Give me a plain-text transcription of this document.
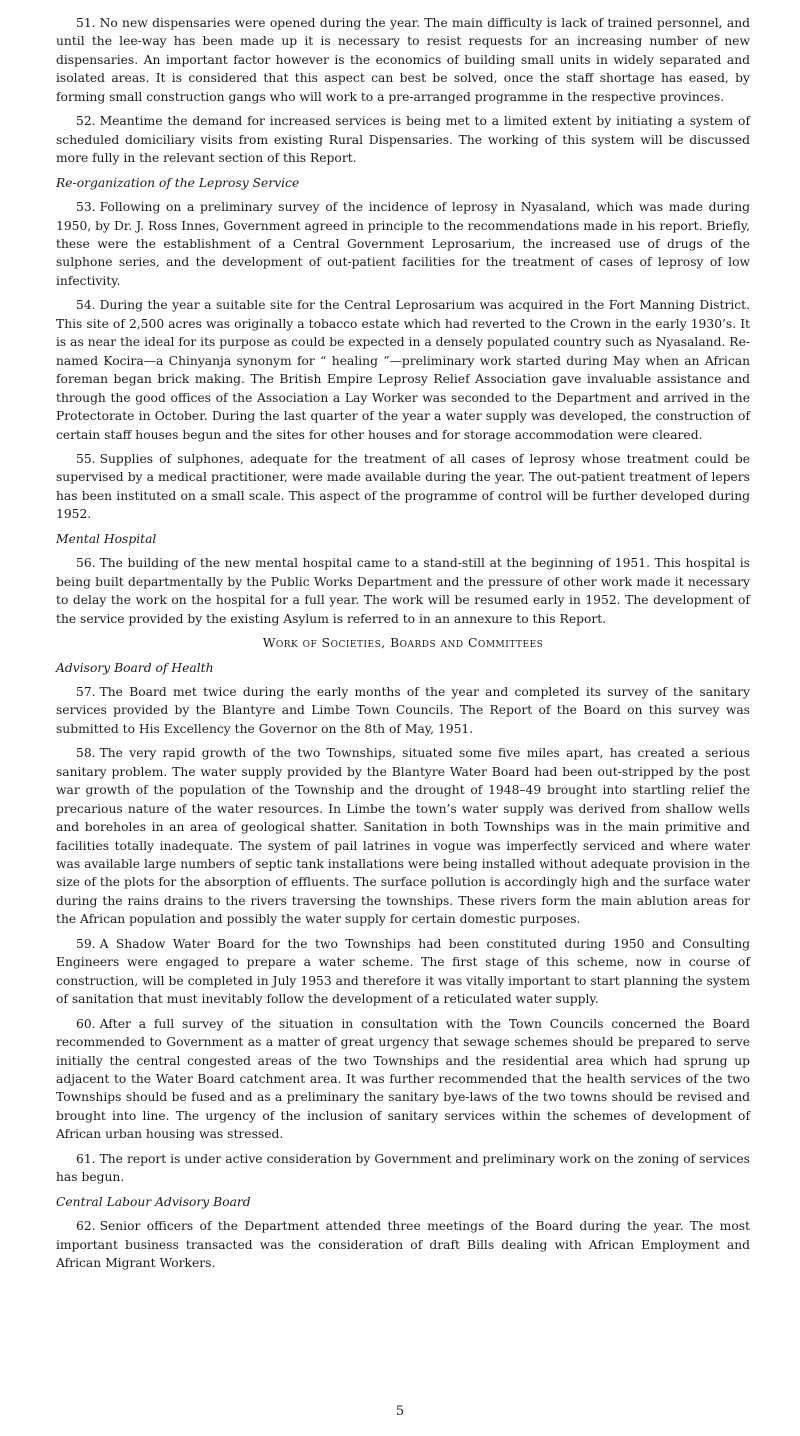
51. No new dispensaries were opened during the year. The main difficulty is lack of trained personnel, and until the lee-way has been made up it is necessary to resist requests for an increasing number of new dispensaries. An important factor however is the economics of building small units in widely separated and isolated areas. It is considered that this aspect can best be solved, once the staff shortage has eased, by forming small construction gangs who will work to a pre-arranged programme in the respective provinces.

52. Meantime the demand for increased services is being met to a limited extent by initiating a system of scheduled domiciliary visits from existing Rural Dispensaries. The working of this system will be discussed more fully in the relevant section of this Report.

Re-organization of the Leprosy Service

53. Following on a preliminary survey of the incidence of leprosy in Nyasaland, which was made during 1950, by Dr. J. Ross Innes, Government agreed in principle to the recommendations made in his report. Briefly, these were the establishment of a Central Government Leprosarium, the increased use of drugs of the sulphone series, and the development of out-patient facilities for the treatment of cases of leprosy of low infectivity.

54. During the year a suitable site for the Central Leprosarium was acquired in the Fort Manning District. This site of 2,500 acres was originally a tobacco estate which had reverted to the Crown in the early 1930’s. It is as near the ideal for its purpose as could be expected in a densely populated country such as Nyasaland. Re-named Kocira—a Chinyanja synonym for “ healing ”—preliminary work started during May when an African foreman began brick making. The British Empire Leprosy Relief Association gave invaluable assistance and through the good offices of the Association a Lay Worker was seconded to the Department and arrived in the Protectorate in October. During the last quarter of the year a water supply was developed, the construction of certain staff houses begun and the sites for other houses and for storage accommodation were cleared.

55. Supplies of sulphones, adequate for the treatment of all cases of leprosy whose treatment could be supervised by a medical practitioner, were made available during the year. The out-patient treatment of lepers has been instituted on a small scale. This aspect of the programme of control will be further developed during 1952.

Mental Hospital

56. The building of the new mental hospital came to a stand-still at the beginning of 1951. This hospital is being built departmentally by the Public Works Department and the pressure of other work made it necessary to delay the work on the hospital for a full year. The work will be resumed early in 1952. The development of the service provided by the existing Asylum is referred to in an annexure to this Report.

Work of Societies, Boards and Committees
Advisory Board of Health

57. The Board met twice during the early months of the year and completed its survey of the sanitary services provided by the Blantyre and Limbe Town Councils. The Report of the Board on this survey was submitted to His Excellency the Governor on the 8th of May, 1951.

58. The very rapid growth of the two Townships, situated some five miles apart, has created a serious sanitary problem. The water supply provided by the Blantyre Water Board had been out-stripped by the post war growth of the population of the Township and the drought of 1948–49 brought into startling relief the precarious nature of the water resources. In Limbe the town’s water supply was derived from shallow wells and boreholes in an area of geological shatter. Sanitation in both Townships was in the main primitive and facilities totally inadequate. The system of pail latrines in vogue was imperfectly serviced and where water was available large numbers of septic tank installations were being installed without adequate provision in the size of the plots for the absorption of effluents. The surface pollution is accordingly high and the surface water during the rains drains to the rivers traversing the townships. These rivers form the main ablution areas for the African population and possibly the water supply for certain domestic purposes.

59. A Shadow Water Board for the two Townships had been constituted during 1950 and Consulting Engineers were engaged to prepare a water scheme. The first stage of this scheme, now in course of construction, will be completed in July 1953 and therefore it was vitally important to start planning the system of sanitation that must inevitably follow the development of a reticulated water supply.

60. After a full survey of the situation in consultation with the Town Councils concerned the Board recommended to Government as a matter of great urgency that sewage schemes should be prepared to serve initially the central congested areas of the two Townships and the residential area which had sprung up adjacent to the Water Board catchment area. It was further recommended that the health services of the two Townships should be fused and as a preliminary the sanitary bye-laws of the two towns should be revised and brought into line. The urgency of the inclusion of sanitary services within the schemes of development of African urban housing was stressed.

61. The report is under active consideration by Government and preliminary work on the zoning of services has begun.

Central Labour Advisory Board

62. Senior officers of the Department attended three meetings of the Board during the year. The most important business transacted was the consideration of draft Bills dealing with African Employment and African Migrant Workers.

5
